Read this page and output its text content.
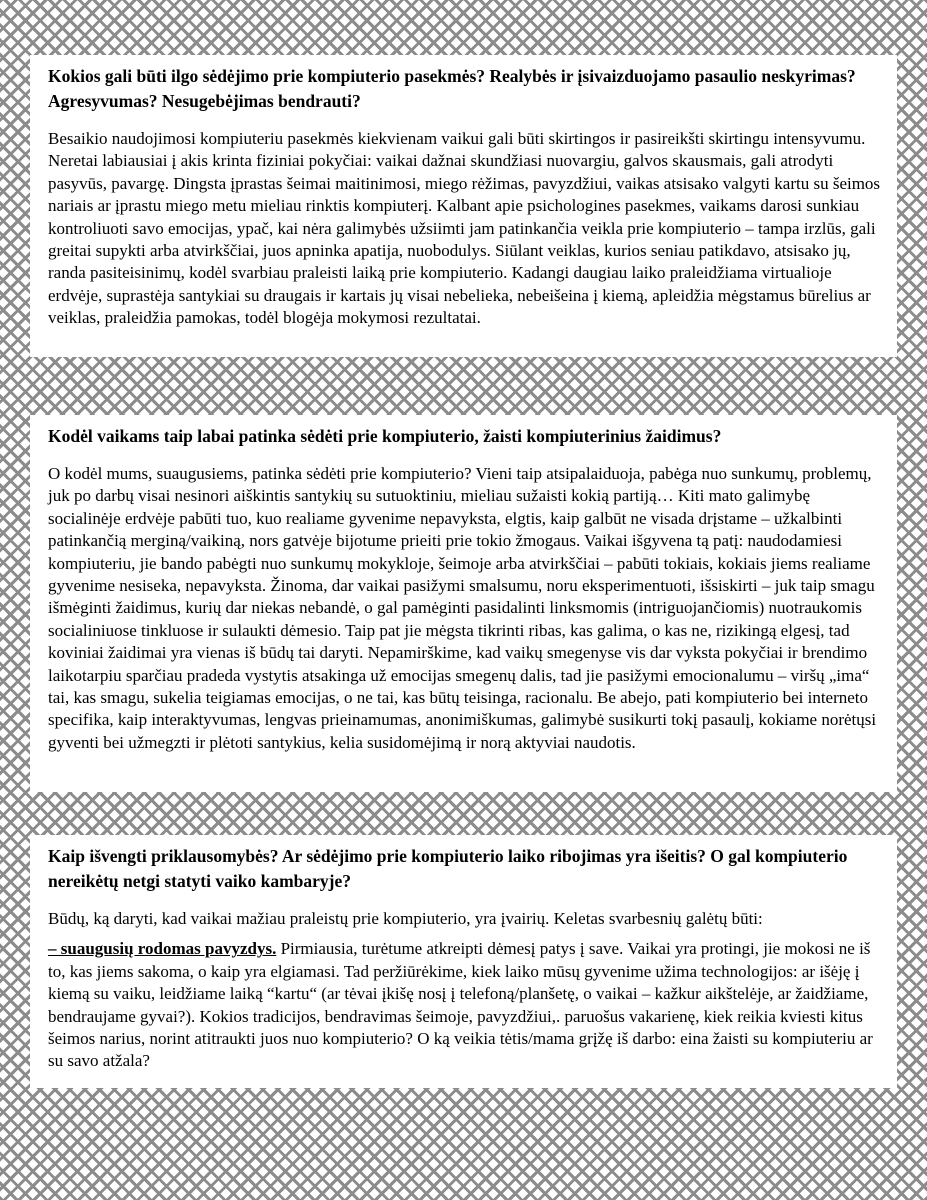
Kokios gali būti ilgo sėdėjimo prie kompiuterio pasekmės? Realybės ir įsivaizduojamo pasaulio neskyrimas? Agresyvumas? Nesugebėjimas bendrauti?

Besaikio naudojimosi kompiuteriu pasekmės kiekvienam vaikui gali būti skirtingos ir pasireikšti skirtingu intensyvumu. Neretai labiausiai į akis krinta fiziniai pokyčiai: vaikai dažnai skundžiasi nuovargiu, galvos skausmais, gali atrodyti pasyvūs, pavargę. Dingsta įprastas šeimai maitinimosi, miego rėžimas, pavyzdžiui, vaikas atsisako valgyti kartu su šeimos nariais ar įprastu miego metu mieliau rinktis kompiuterį. Kalbant apie psichologines pasekmes, vaikams darosi sunkiau kontroliuoti savo emocijas, ypač, kai nėra galimybės užsiimti jam patinkančia veikla prie kompiuterio – tampa irzlūs, gali greitai supykti arba atvirkščiai, juos apninka apatija, nuobodulys. Siūlant veiklas, kurios seniau patikdavo, atsisako jų, randa pasiteisinimų, kodėl svarbiau praleisti laiką prie kompiuterio. Kadangi daugiau laiko praleidžiama virtualioje erdvėje, suprastėja santykiai su draugais ir kartais jų visai nebelieka, nebeišeina į kiemą, apleidžia mėgstamus būrelius ar veiklas, praleidžia pamokas, todėl blogėja mokymosi rezultatai.

Kodėl vaikams taip labai patinka sėdėti prie kompiuterio, žaisti kompiuterinius žaidimus?

O kodėl mums, suaugusiems, patinka sėdėti prie kompiuterio? Vieni taip atsipalaiduoja, pabėga nuo sunkumų, problemų, juk po darbų visai nesinori aiškintis santykių su sutuoktiniu, mieliau sužaisti kokią partiją… Kiti mato galimybę socialinėje erdvėje pabūti tuo, kuo realiame gyvenime nepavyksta, elgtis, kaip galbūt ne visada drįstame – užkalbinti patinkančią merginą/vaikiną, nors gatvėje bijotume prieiti prie tokio žmogaus. Vaikai išgyvena tą patį: naudodamiesi kompiuteriu, jie bando pabėgti nuo sunkumų mokykloje, šeimoje arba atvirkščiai – pabūti tokiais, kokiais jiems realiame gyvenime nesiseka, nepavyksta. Žinoma, dar vaikai pasižymi smalsumu, noru eksperimentuoti, išsiskirti – juk taip smagu išmėginti žaidimus, kurių dar niekas nebandė, o gal pamėginti pasidalinti linksmomis (intriguojančiomis) nuotraukomis socialiniuose tinkluose ir sulaukti dėmesio. Taip pat jie mėgsta tikrinti ribas, kas galima, o kas ne, rizikingą elgesį, tad koviniai žaidimai yra vienas iš būdų tai daryti. Nepamirškime, kad vaikų smegenyse vis dar vyksta pokyčiai ir brendimo laikotarpiu sparčiau pradeda vystytis atsakinga už emocijas smegenų dalis, tad jie pasižymi emocionalumu – viršų „ima“ tai, kas smagu, sukelia teigiamas emocijas, o ne tai, kas būtų teisinga, racionalu. Be abejo, pati kompiuterio bei interneto specifika, kaip interaktyvumas, lengvas prieinamumas, anonimiškumas, galimybė susikurti tokį pasaulį, kokiame norėtųsi gyventi bei užmegzti ir plėtoti santykius, kelia susidomėjimą ir norą aktyviai naudotis.

Kaip išvengti priklausomybės? Ar sėdėjimo prie kompiuterio laiko ribojimas yra išeitis? O gal kompiuterio nereikėtų netgi statyti vaiko kambaryje?

Būdų, ką daryti, kad vaikai mažiau praleistų prie kompiuterio, yra įvairių. Keletas svarbesnių galėtų būti:

– suaugusių rodomas pavyzdys. Pirmiausia, turėtume atkreipti dėmesį patys į save. Vaikai yra protingi, jie mokosi ne iš to, kas jiems sakoma, o kaip yra elgiamasi. Tad peržiūrėkime, kiek laiko mūsų gyvenime užima technologijos: ar išėję į kiemą su vaiku, leidžiame laiką “kartu“ (ar tėvai įkišę nosį į telefoną/planšetę, o vaikai – kažkur aikštelėje, ar žaidžiame, bendraujame gyvai?). Kokios tradicijos, bendravimas šeimoje, pavyzdžiui,. paruošus vakarienę, kiek reikia kviesti kitus šeimos narius, norint atitraukti juos nuo kompiuterio? O ką veikia tėtis/mama grįžę iš darbo: eina žaisti su kompiuteriu ar su savo atžala?
